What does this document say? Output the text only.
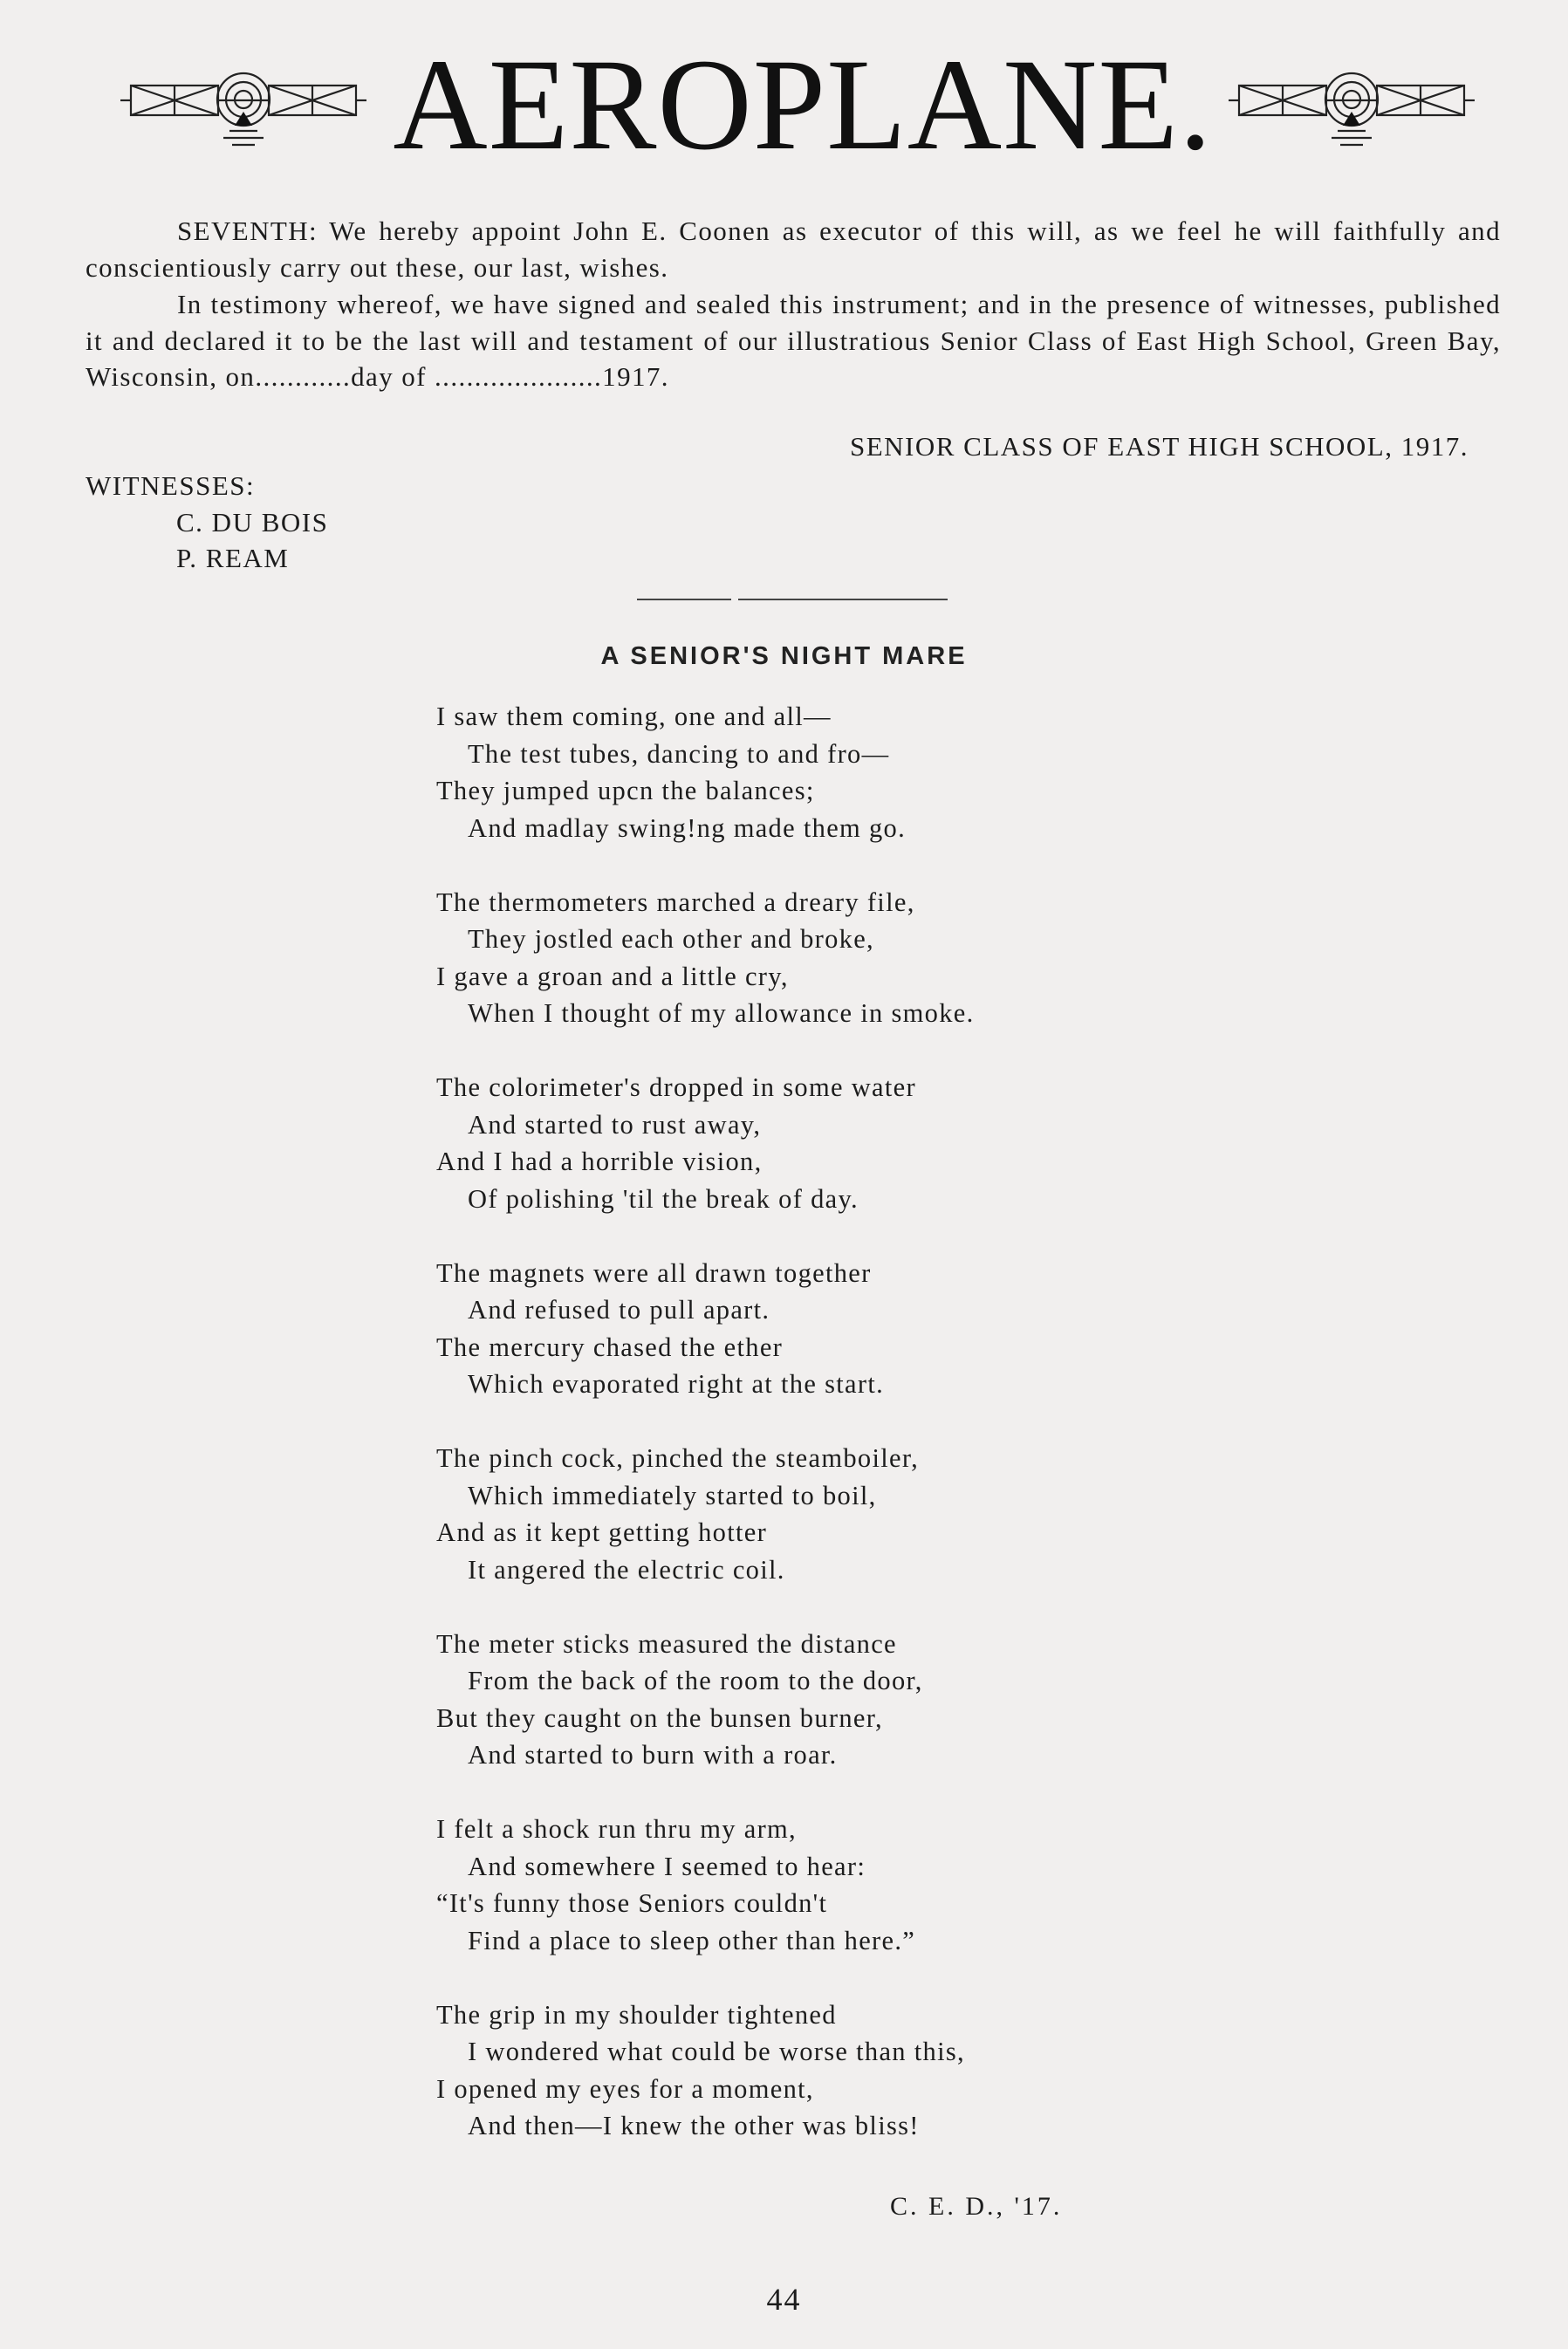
AEROPLANE.
SEVENTH: We hereby appoint John E. Coonen as executor of this will, as we feel he will faithfully and conscientiously carry out these, our last, wishes.
In testimony whereof, we have signed and sealed this instrument; and in the presence of witnesses, published it and declared it to be the last will and testament of our illustratious Senior Class of East High School, Green Bay, Wisconsin, on............day of .....................1917.
SENIOR CLASS OF EAST HIGH SCHOOL, 1917.
WITNESSES:
C. DU BOIS
P. REAM
A SENIOR'S NIGHT MARE
I saw them coming, one and all—
The test tubes, dancing to and fro—
They jumped upcn the balances;
And madlay swing!ng made them go.
The thermometers marched a dreary file,
They jostled each other and broke,
I gave a groan and a little cry,
When I thought of my allowance in smoke.
The colorimeter's dropped in some water
And started to rust away,
And I had a horrible vision,
Of polishing 'til the break of day.
The magnets were all drawn together
And refused to pull apart.
The mercury chased the ether
Which evaporated right at the start.
The pinch cock, pinched the steamboiler,
Which immediately started to boil,
And as it kept getting hotter
It angered the electric coil.
The meter sticks measured the distance
From the back of the room to the door,
But they caught on the bunsen burner,
And started to burn with a roar.
I felt a shock run thru my arm,
And somewhere I seemed to hear:
“It's funny those Seniors couldn't
Find a place to sleep other than here.”
The grip in my shoulder tightened
I wondered what could be worse than this,
I opened my eyes for a moment,
And then—I knew the other was bliss!
C. E. D., '17.
44
